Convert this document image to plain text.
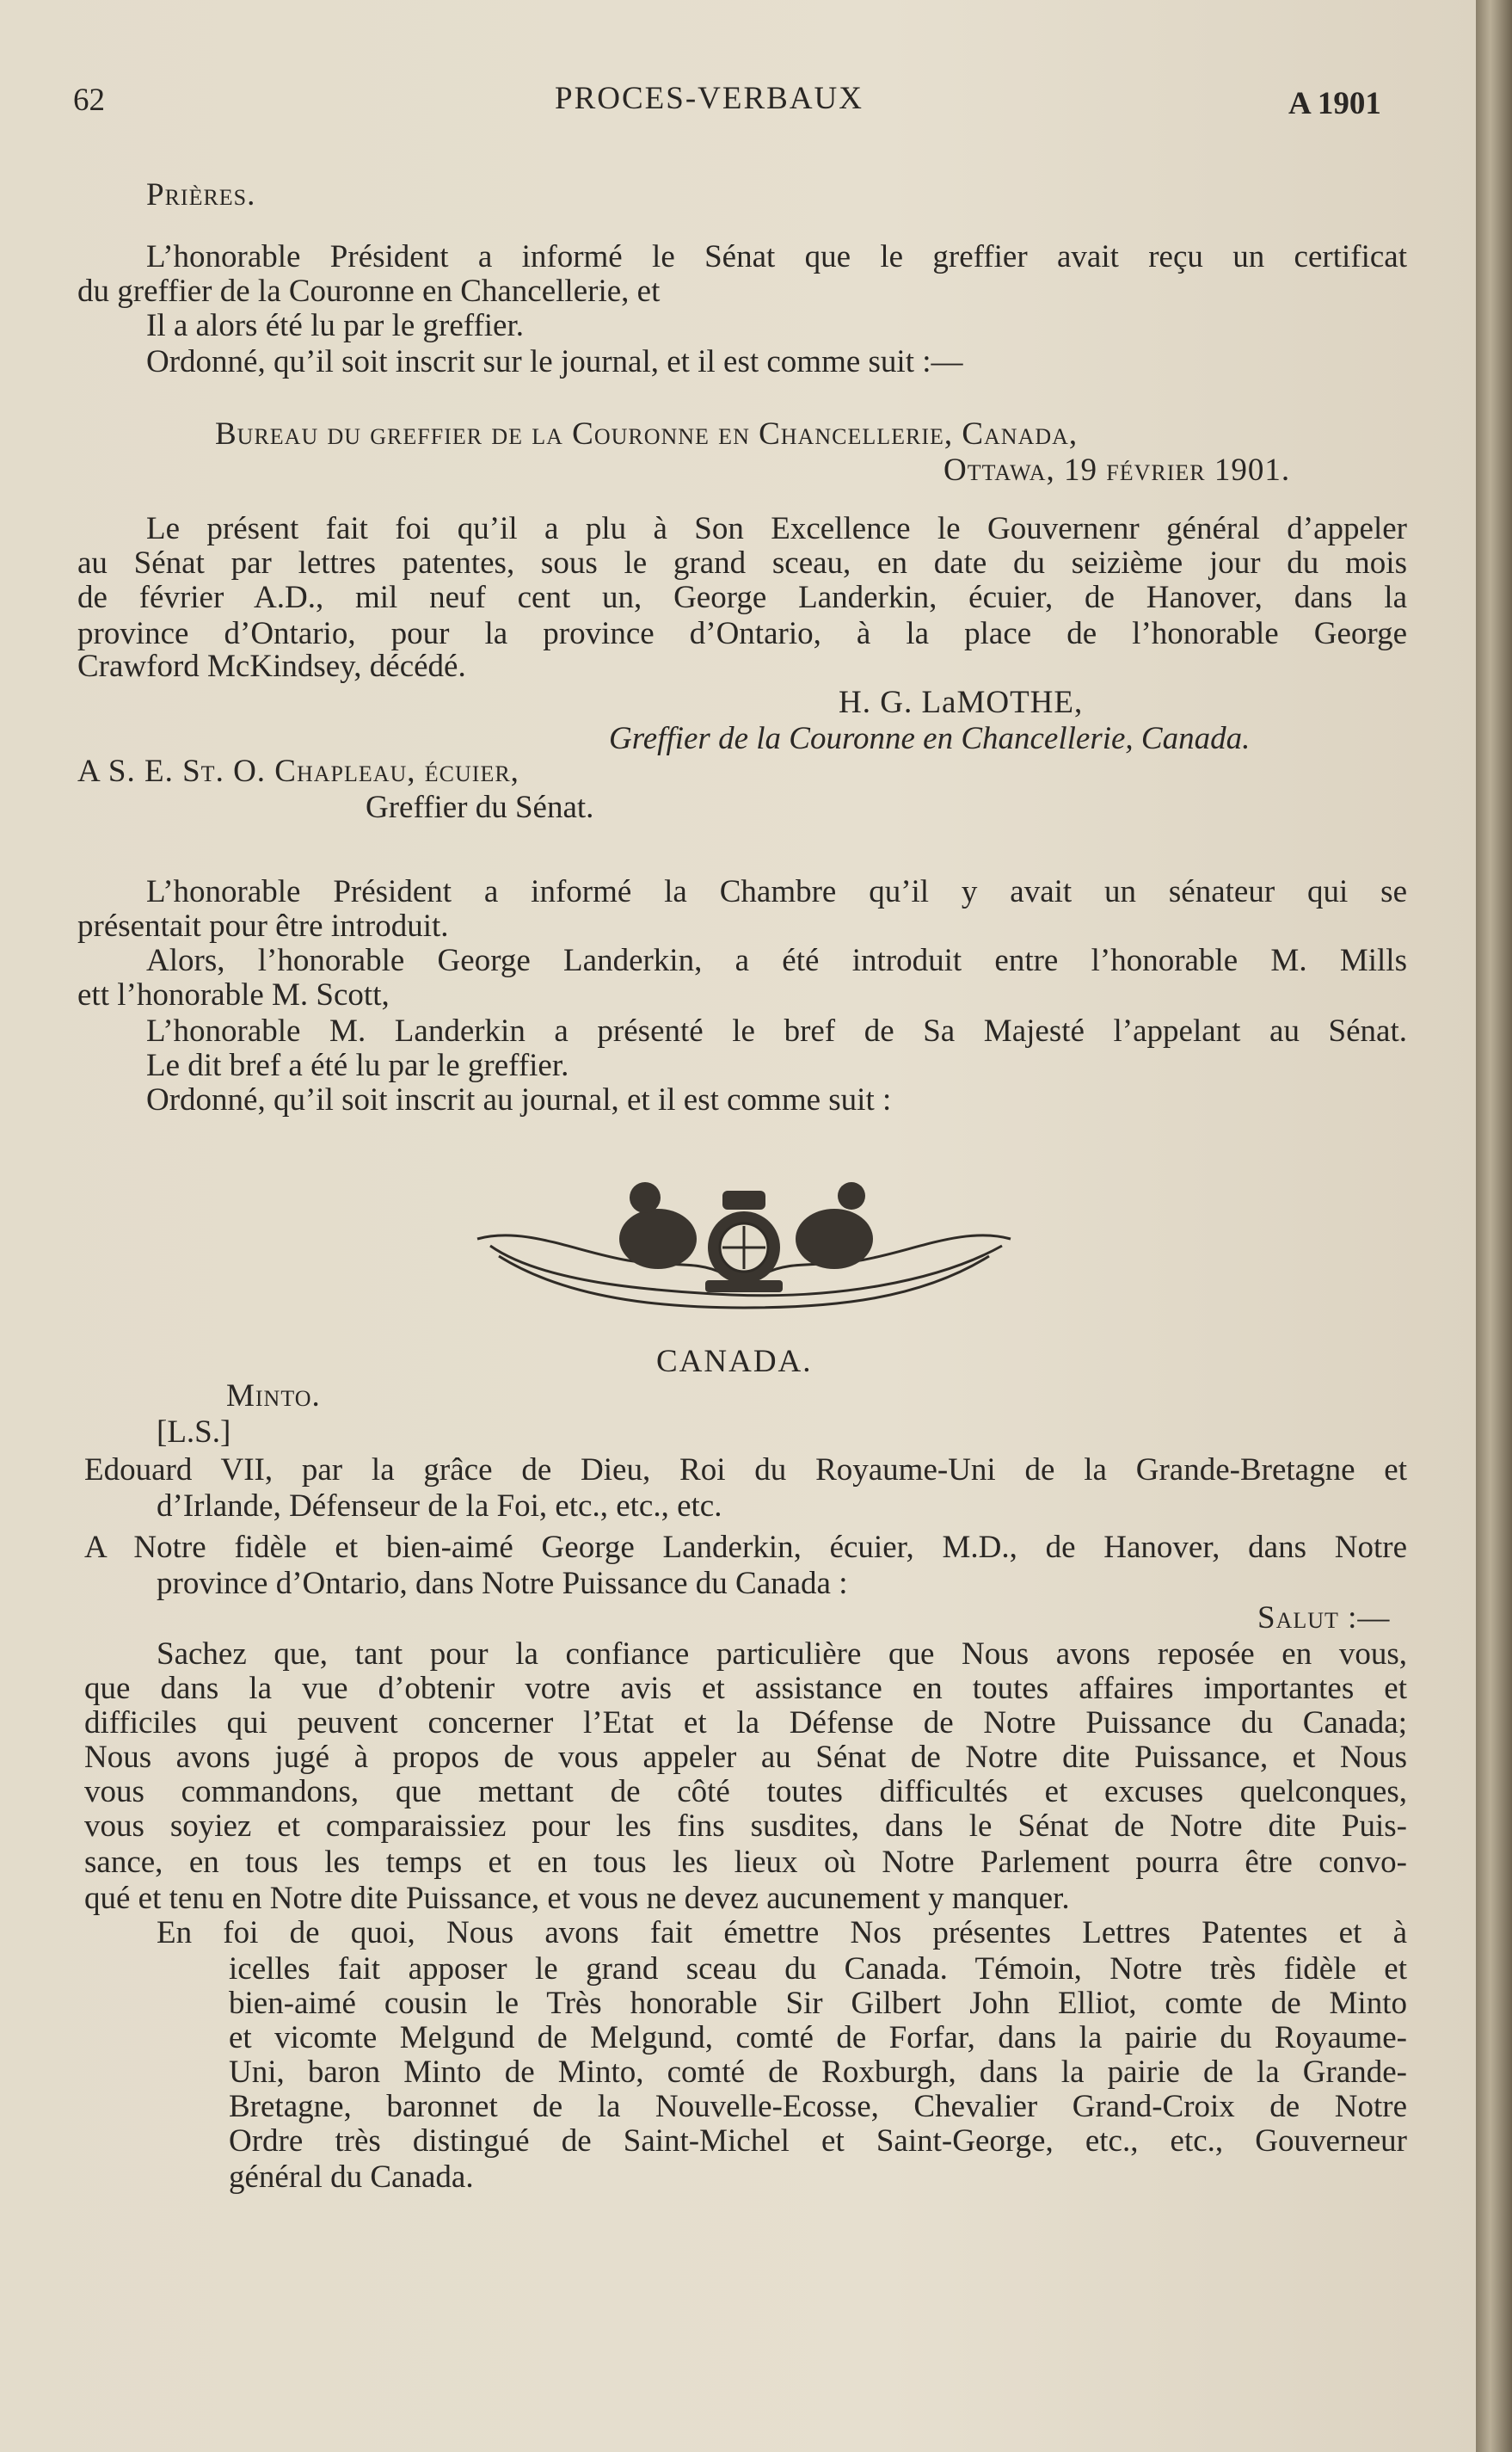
62	PROCES-VERBAUX	A 1901
Prières.
L’honorable Président a informé le Sénat que le greffier avait reçu un certificat
du greffier de la Couronne en Chancellerie, et
Il a alors été lu par le greffier.
Ordonné, qu’il soit inscrit sur le journal, et il est comme suit :—
Bureau du greffier de la Couronne en Chancellerie, Canada,
Ottawa, 19 février 1901.
Le présent fait foi qu’il a plu à Son Excellence le Gouvernenr général d’appeler
au Sénat par lettres patentes, sous le grand sceau, en date du seizième jour du mois
de février A.D., mil neuf cent un, George Landerkin, écuier, de Hanover, dans la
province d’Ontario, pour la province d’Ontario, à la place de l’honorable George
Crawford McKindsey, décédé.
H. G. LaMOTHE,
Greffier de la Couronne en Chancellerie, Canada.
A S. E. St. O. Chapleau, écuier,
Greffier du Sénat.
L’honorable Président a informé la Chambre qu’il y avait un sénateur qui se
présentait pour être introduit.
Alors, l’honorable George Landerkin, a été introduit entre l’honorable M. Mills
ett l’honorable M. Scott,
L’honorable M. Landerkin a présenté le bref de Sa Majesté l’appelant au Sénat.
Le dit bref a été lu par le greffier.
Ordonné, qu’il soit inscrit au journal, et il est comme suit :
CANADA.
Minto.
[L.S.]
Edouard VII, par la grâce de Dieu, Roi du Royaume-Uni de la Grande-Bretagne et
d’Irlande, Défenseur de la Foi, etc., etc., etc.
A Notre fidèle et bien-aimé George Landerkin, écuier, M.D., de Hanover, dans Notre
province d’Ontario, dans Notre Puissance du Canada :
Salut :—
Sachez que, tant pour la confiance particulière que Nous avons reposée en vous,
que dans la vue d’obtenir votre avis et assistance en toutes affaires importantes et
difficiles qui peuvent concerner l’Etat et la Défense de Notre Puissance du Canada;
Nous avons jugé à propos de vous appeler au Sénat de Notre dite Puissance, et Nous
vous commandons, que mettant de côté toutes difficultés et excuses quelconques,
vous soyiez et comparaissiez pour les fins susdites, dans le Sénat de Notre dite Puis-
sance, en tous les temps et en tous les lieux où Notre Parlement pourra être convo-
qué et tenu en Notre dite Puissance, et vous ne devez aucunement y manquer.
En foi de quoi, Nous avons fait émettre Nos présentes Lettres Patentes et à
icelles fait apposer le grand sceau du Canada. Témoin, Notre très fidèle et
bien-aimé cousin le Très honorable Sir Gilbert John Elliot, comte de Minto
et vicomte Melgund de Melgund, comté de Forfar, dans la pairie du Royaume-
Uni, baron Minto de Minto, comté de Roxburgh, dans la pairie de la Grande-
Bretagne, baronnet de la Nouvelle-Ecosse, Chevalier Grand-Croix de Notre
Ordre très distingué de Saint-Michel et Saint-George, etc., etc., Gouverneur
général du Canada.
